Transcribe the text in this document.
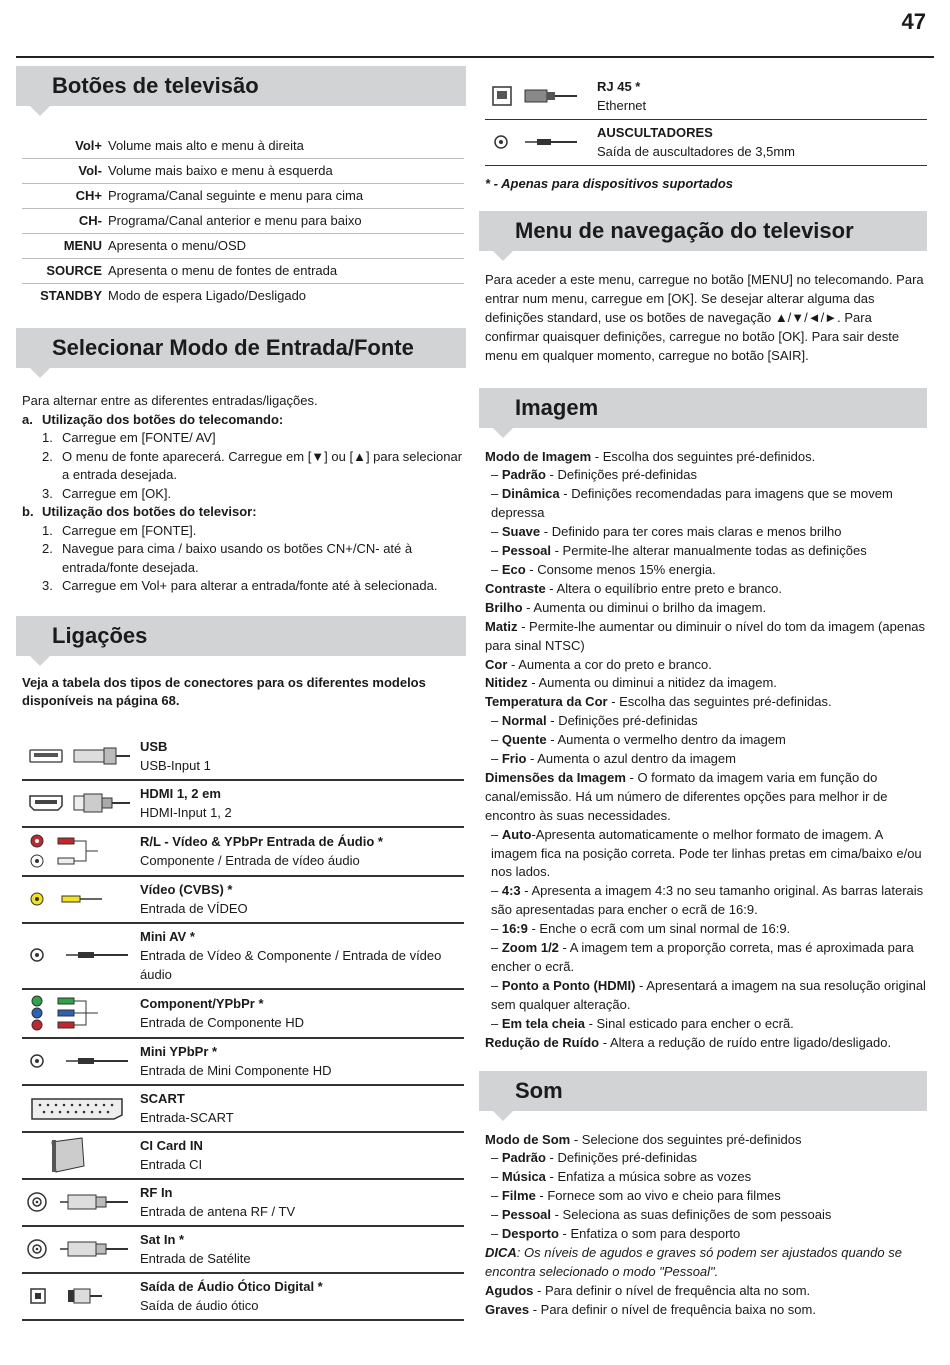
47
Botões de televisão
Vol+	Volume mais alto e menu à direita
Vol-	Volume mais baixo e menu à esquerda
CH+	Programa/Canal seguinte e menu para cima
CH-	Programa/Canal anterior e menu para baixo
MENU	Apresenta o menu/OSD
SOURCE	Apresenta o menu de fontes de entrada
STANDBY	Modo de espera Ligado/Desligado
Selecionar Modo de Entrada/Fonte
Para alternar entre as diferentes entradas/ligações.
a. Utilização dos botões do telecomando:
1. Carregue em [FONTE/ AV]
2. O menu de fonte aparecerá. Carregue em [▼] ou [▲] para selecionar a entrada desejada.
3. Carregue em [OK].
b. Utilização dos botões do televisor:
1. Carregue em [FONTE].
2. Navegue para cima / baixo usando os botões CN+/CN- até à entrada/fonte desejada.
3. Carregue em Vol+ para alterar a entrada/fonte até à selecionada.
Ligações
Veja a tabela dos tipos de conectores para os diferentes modelos disponíveis na página 68.

USB
USB-Input 1

HDMI 1, 2 em
HDMI-Input 1, 2

R/L - Vídeo & YPbPr Entrada de Áudio *
Componente / Entrada de vídeo áudio

Vídeo (CVBS) *
Entrada de VÍDEO

Mini AV *
Entrada de Vídeo & Componente / Entrada de vídeo áudio

Component/YPbPr *
Entrada de Componente HD

Mini YPbPr *
Entrada de Mini Componente HD

SCART
Entrada-SCART

CI Card IN
Entrada CI

RF In
Entrada de antena RF / TV

Sat In *
Entrada de Satélite

Saída de Áudio Ótico Digital *
Saída de áudio ótico

RJ 45 *
Ethernet

AUSCULTADORES
Saída de auscultadores de 3,5mm
* - Apenas para dispositivos suportados
Menu de navegação do televisor
Para aceder a este menu, carregue no botão [MENU] no telecomando. Para entrar num menu, carregue em [OK]. Se desejar alterar alguma das definições standard, use os botões de navegação ▲/▼/◄/►. Para confirmar quaisquer definições, carregue no botão [OK]. Para sair deste menu em qualquer momento, carregue no botão [SAIR].
Imagem
Modo de Imagem - Escolha dos seguintes pré-definidos.
– Padrão - Definições pré-definidas
– Dinâmica - Definições recomendadas para imagens que se movem depressa
– Suave - Definido para ter cores mais claras e menos brilho
– Pessoal - Permite-lhe alterar manualmente todas as definições
– Eco - Consome menos 15% energia.
Contraste - Altera o equilíbrio entre preto e branco.
Brilho - Aumenta ou diminui o brilho da imagem.
Matiz - Permite-lhe aumentar ou diminuir o nível do tom da imagem (apenas para sinal NTSC)
Cor - Aumenta a cor do preto e branco.
Nitidez - Aumenta ou diminui a nitidez da imagem.
Temperatura da Cor - Escolha das seguintes pré-definidas.
– Normal - Definições pré-definidas
– Quente - Aumenta o vermelho dentro da imagem
– Frio - Aumenta o azul dentro da imagem
Dimensões da Imagem - O formato da imagem varia em função do canal/emissão. Há um número de diferentes opções para melhor ir de encontro às suas necessidades.
– Auto-Apresenta automaticamente o melhor formato de imagem. A imagem fica na posição correta. Pode ter linhas pretas em cima/baixo e/ou nos lados.
– 4:3 - Apresenta a imagem 4:3 no seu tamanho original. As barras laterais são apresentadas para encher o ecrã de 16:9.
– 16:9 - Enche o ecrã com um sinal normal de 16:9.
– Zoom 1/2 - A imagem tem a proporção correta, mas é aproximada para encher o ecrã.
– Ponto a Ponto (HDMI) - Apresentará a imagem na sua resolução original sem qualquer alteração.
– Em tela cheia - Sinal esticado para encher o ecrã.
Redução de Ruído - Altera a redução de ruído entre ligado/desligado.
Som
Modo de Som - Selecione dos seguintes pré-definidos
– Padrão - Definições pré-definidas
– Música - Enfatiza a música sobre as vozes
– Filme - Fornece som ao vivo e cheio para filmes
– Pessoal - Seleciona as suas definições de som pessoais
– Desporto - Enfatiza o som para desporto
DICA: Os níveis de agudos e graves só podem ser ajustados quando se encontra selecionado o modo "Pessoal".
Agudos - Para definir o nível de frequência alta no som.
Graves - Para definir o nível de frequência baixa no som.
